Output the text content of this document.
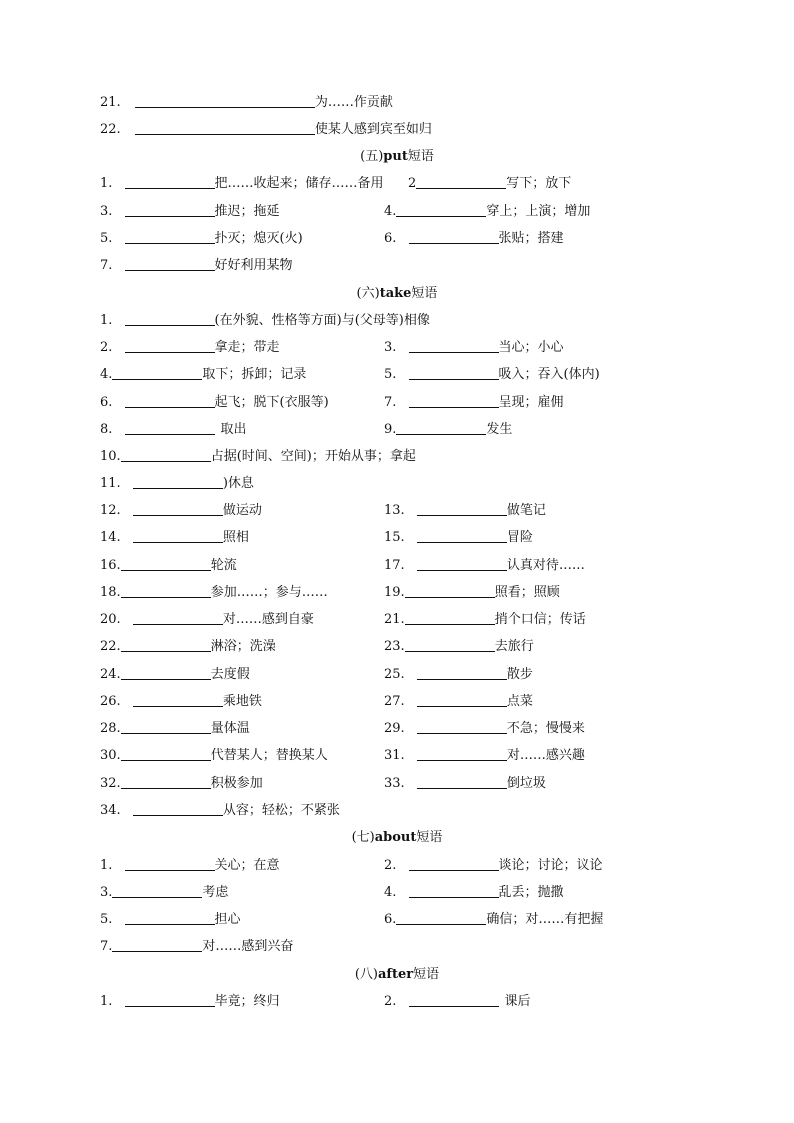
21.	为……作贡献
22.	使某人感到宾至如归
(五)put短语
1.	把……收起来；储存……备用 2	写下；放下
3.	推迟；拖延	4.	穿上；上演；增加
5.	扑灭；熄灭(火)	6.	张贴；搭建
7.	好好利用某物
(六)take短语
1.	(在外貌、性格等方面)与(父母等)相像
2.	拿走；带走	3.	当心；小心
4.	取下；拆卸；记录	5.	吸入；吞入(体内)
6.	起飞；脱下(衣服等)	7.	呈现；雇佣
8.	取出	9.	发生
10.	占据(时间、空间)；开始从事；拿起
11.	)休息
12.	做运动	13.	做笔记
14.	照相	15.	冒险
16.	轮流	17.	认真对待……
18.	参加……；参与……	19.	照看；照顾
20.	对……感到自豪	21.	捎个口信；传话
22.	淋浴；洗澡	23.	去旅行
24.	去度假	25.	散步
26.	乘地铁	27.	点菜
28.	量体温	29.	不急；慢慢来
30.	代替某人；替换某人	31.	对……感兴趣
32.	积极参加	33.	倒垃圾
34.	从容；轻松；不紧张
(七)about短语
1.	关心；在意	2.	谈论；讨论；议论
3.	考虑	4.	乱丢；抛撒
5.	担心	6.	确信；对……有把握
7.	对……感到兴奋
(八)after短语
1.	毕竟；终归	2.	课后
